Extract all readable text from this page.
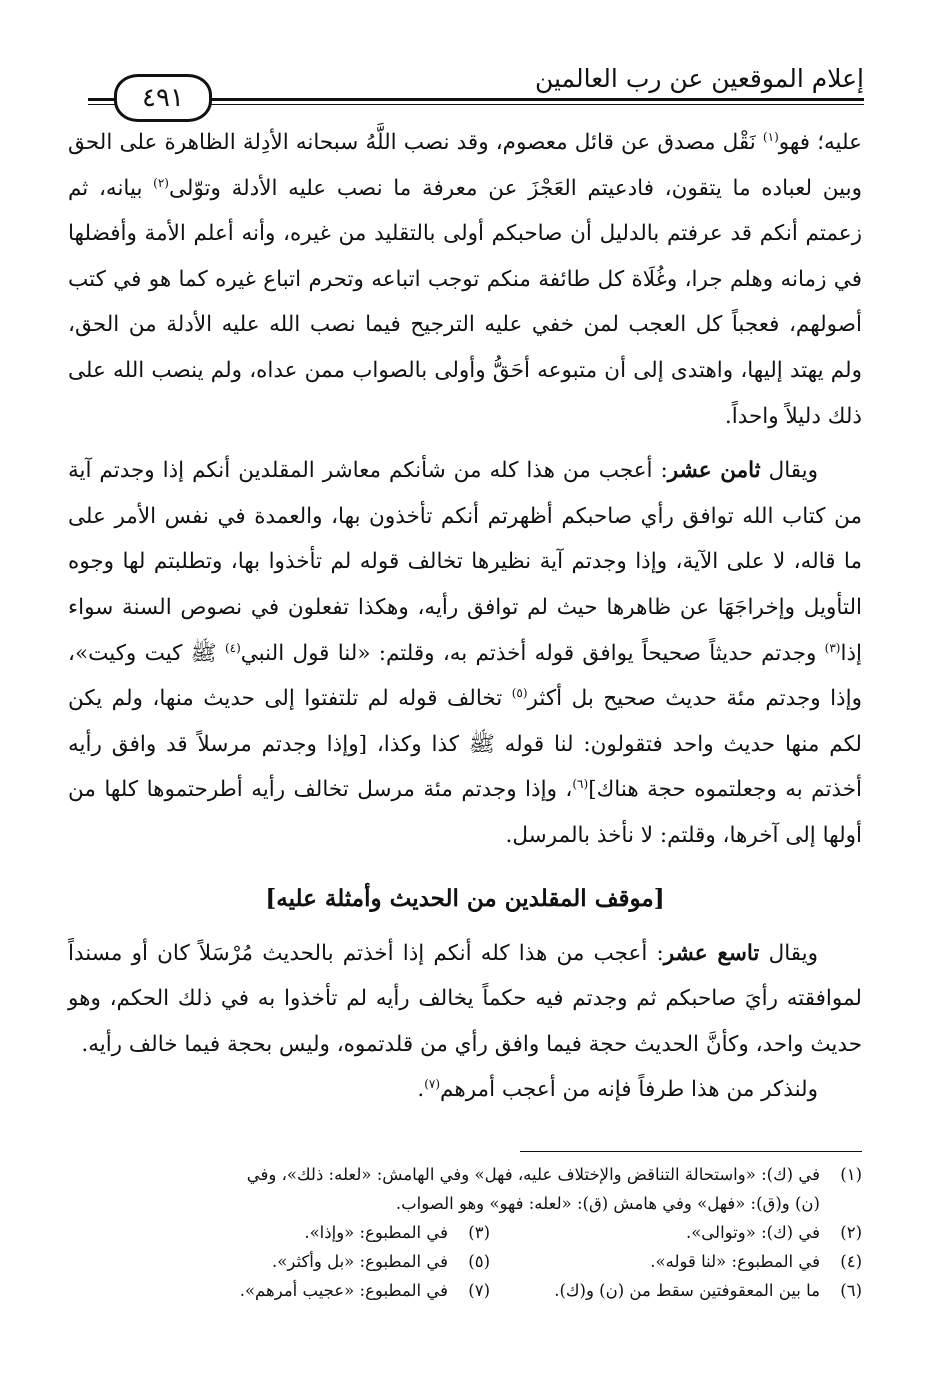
إعلام الموقعين عن رب العالمين
٤٩١

عليه؛ فهو$^{(١)}$ نَقْل مصدق عن قائل معصوم، وقد نصب اللَّهُ سبحانه الأدِلة الظاهرة على الحق وبين لعباده ما يتقون، فادعيتم العَجْزَ عن معرفة ما نصب عليه الأدلة وتوّلى$^{(٢)}$ بيانه، ثم زعمتم أنكم قد عرفتم بالدليل أن صاحبكم أولى بالتقليد من غيره، وأنه أعلم الأمة وأفضلها في زمانه وهلم جرا، وغُلَاة كل طائفة منكم توجب اتباعه وتحرم اتباع غيره كما هو في كتب أصولهم، فعجباً كل العجب لمن خفي عليه الترجيح فيما نصب الله عليه الأدلة من الحق، ولم يهتد إليها، واهتدى إلى أن متبوعه أحَقُّ وأولى بالصواب ممن عداه، ولم ينصب الله على ذلك دليلاً واحداً.

ويقال ثامن عشر: أعجب من هذا كله من شأنكم معاشر المقلدين أنكم إذا وجدتم آية من كتاب الله توافق رأي صاحبكم أظهرتم أنكم تأخذون بها، والعمدة في نفس الأمر على ما قاله، لا على الآية، وإذا وجدتم آية نظيرها تخالف قوله لم تأخذوا بها، وتطلبتم لها وجوه التأويل وإخراجَهَا عن ظاهرها حيث لم توافق رأيه، وهكذا تفعلون في نصوص السنة سواء إذا$^{(٣)}$ وجدتم حديثاً صحيحاً يوافق قوله أخذتم به، وقلتم: «لنا قول النبي$^{(٤)}$ ﷺ كيت وكيت»، وإذا وجدتم مئة حديث صحيح بل أكثر$^{(٥)}$ تخالف قوله لم تلتفتوا إلى حديث منها، ولم يكن لكم منها حديث واحد فتقولون: لنا قوله ﷺ كذا وكذا، [وإذا وجدتم مرسلاً قد وافق رأيه أخذتم به وجعلتموه حجة هناك]$^{(٦)}$، وإذا وجدتم مئة مرسل تخالف رأيه أطرحتموها كلها من أولها إلى آخرها، وقلتم: لا نأخذ بالمرسل.

[موقف المقلدين من الحديث وأمثلة عليه]

ويقال تاسع عشر: أعجب من هذا كله أنكم إذا أخذتم بالحديث مُرْسَلاً كان أو مسنداً لموافقته رأيَ صاحبكم ثم وجدتم فيه حكماً يخالف رأيه لم تأخذوا به في ذلك الحكم، وهو حديث واحد، وكأنَّ الحديث حجة فيما وافق رأي من قلدتموه، وليس بحجة فيما خالف رأيه.

ولنذكر من هذا طرفاً فإنه من أعجب أمرهم$^{(٧)}$.

(١)
في (ك): «واستحالة التناقض والإختلاف عليه، فهل» وفي الهامش: «لعله: ذلك»، وفي
(ن) و(ق): «فهل» وفي هامش (ق): «لعله: فهو» وهو الصواب.
(٢)
في (ك): «وتوالى».
(٣)
في المطبوع: «وإذا».
(٤)
في المطبوع: «لنا قوله».
(٥)
في المطبوع: «بل وأكثر».
(٦)
ما بين المعقوفتين سقط من (ن) و(ك).
(٧)
في المطبوع: «عجيب أمرهم».
